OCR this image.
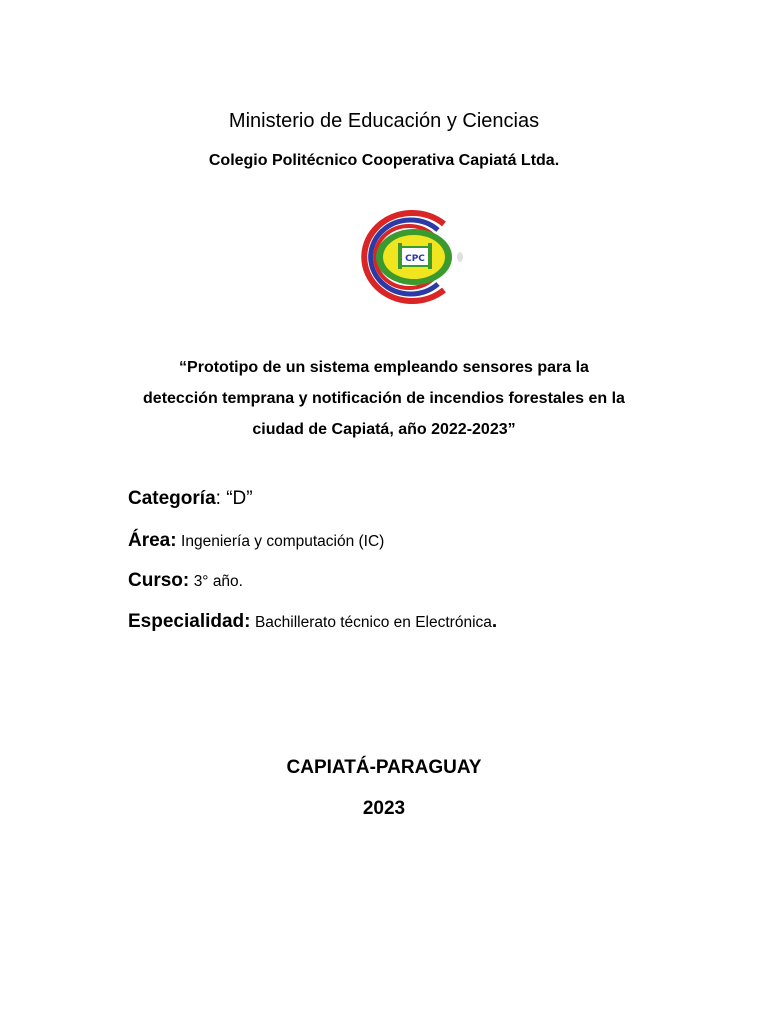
Ministerio de Educación y Ciencias
Colegio Politécnico Cooperativa Capiatá Ltda.
CPC
“Prototipo de un sistema empleando sensores para la
detección temprana y notificación de incendios forestales en la
ciudad de Capiatá, año 2022-2023”
Categoría: “D”
Área: Ingeniería y computación (IC)
Curso: 3° año.
Especialidad: Bachillerato técnico en Electrónica.
CAPIATÁ-PARAGUAY
2023
